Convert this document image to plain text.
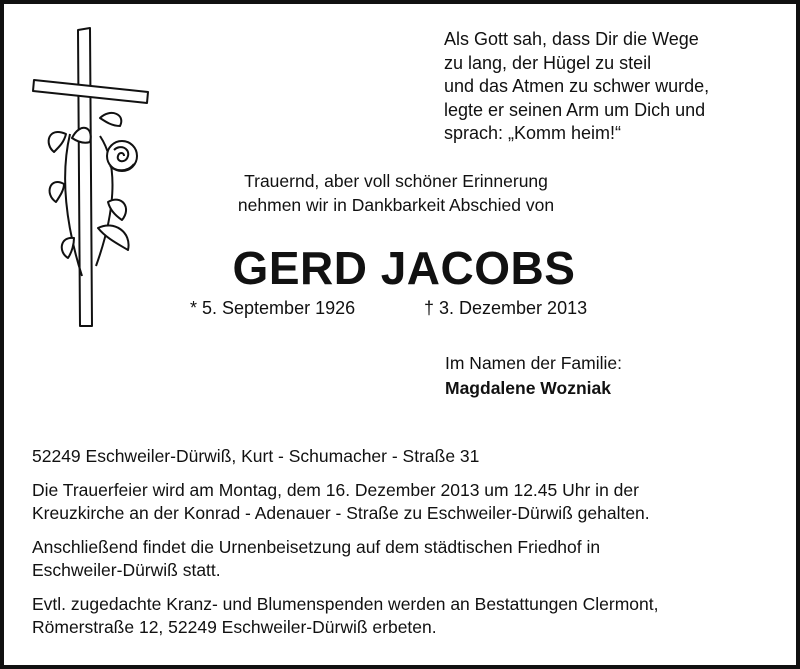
Als Gott sah, dass Dir die Wege
zu lang, der Hügel zu steil
und das Atmen zu schwer wurde,
legte er seinen Arm um Dich und
sprach: „Komm heim!“
Trauernd, aber voll schöner Erinnerung
nehmen wir in Dankbarkeit Abschied von
GERD JACOBS
* 5. September 1926	† 3. Dezember 2013
Im Namen der Familie:
Magdalene Wozniak

52249 Eschweiler-Dürwiß, Kurt - Schumacher - Straße 31

Die Trauerfeier wird am Montag, dem 16. Dezember 2013 um 12.45 Uhr in der
Kreuzkirche an der Konrad - Adenauer - Straße zu Eschweiler-Dürwiß gehalten.

Anschließend findet die Urnenbeisetzung auf dem städtischen Friedhof in
Eschweiler-Dürwiß statt.

Evtl. zugedachte Kranz- und Blumenspenden werden an Bestattungen Clermont,
Römerstraße 12, 52249 Eschweiler-Dürwiß erbeten.
